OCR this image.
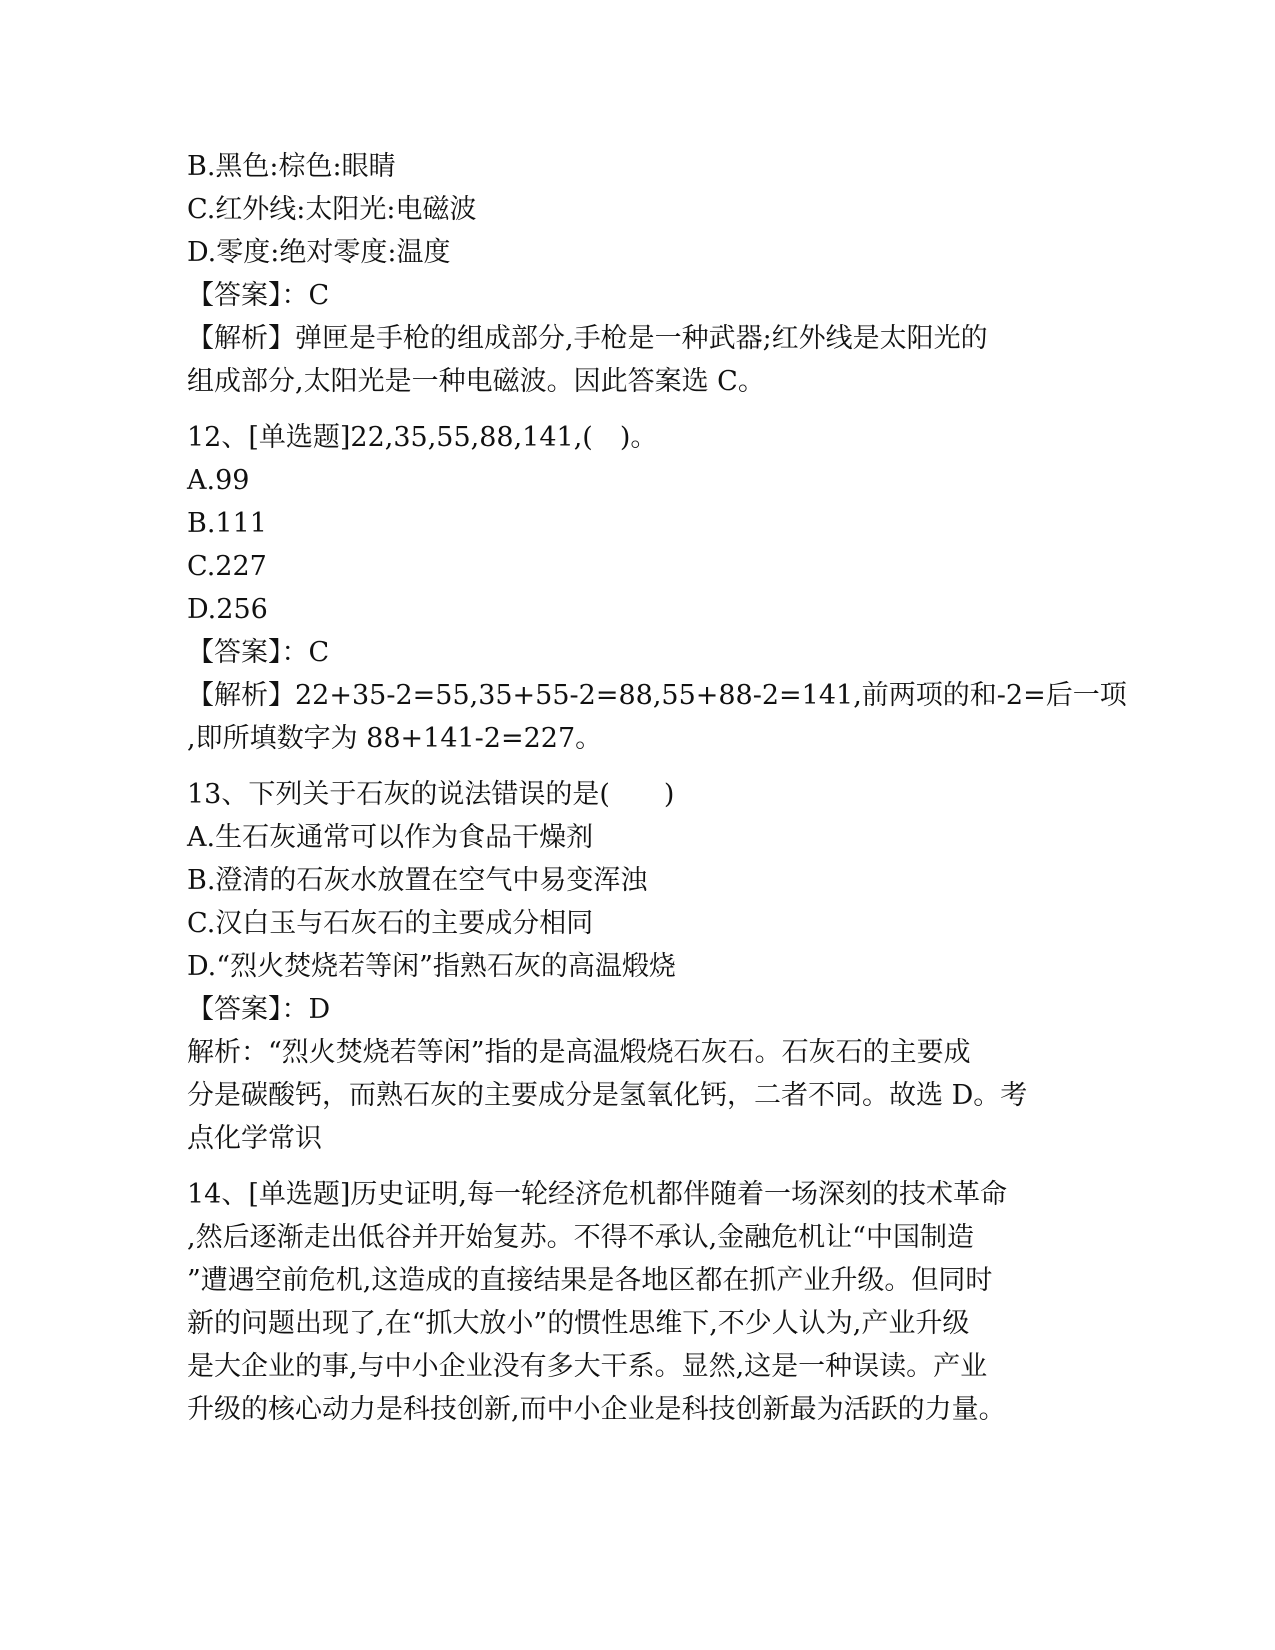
B.黑色:棕色:眼睛
C.红外线:太阳光:电磁波
D.零度:绝对零度:温度
【答案】：C
【解析】弹匣是手枪的组成部分,手枪是一种武器;红外线是太阳光的
组成部分,太阳光是一种电磁波。因此答案选 C。
12、[单选题]22,35,55,88,141,(　)。
A.99
B.111
C.227
D.256
【答案】：C
【解析】22+35-2=55,35+55-2=88,55+88-2=141,前两项的和-2=后一项
,即所填数字为 88+141-2=227。
13、下列关于石灰的说法错误的是(　　)
A.生石灰通常可以作为食品干燥剂
B.澄清的石灰水放置在空气中易变浑浊
C.汉白玉与石灰石的主要成分相同
D.“烈火焚烧若等闲”指熟石灰的高温煅烧
【答案】：D
解析：“烈火焚烧若等闲”指的是高温煅烧石灰石。石灰石的主要成
分是碳酸钙，而熟石灰的主要成分是氢氧化钙，二者不同。故选 D。考
点化学常识
14、[单选题]历史证明,每一轮经济危机都伴随着一场深刻的技术革命
,然后逐渐走出低谷并开始复苏。不得不承认,金融危机让“中国制造
”遭遇空前危机,这造成的直接结果是各地区都在抓产业升级。但同时
新的问题出现了,在“抓大放小”的惯性思维下,不少人认为,产业升级
是大企业的事,与中小企业没有多大干系。显然,这是一种误读。产业
升级的核心动力是科技创新,而中小企业是科技创新最为活跃的力量。
